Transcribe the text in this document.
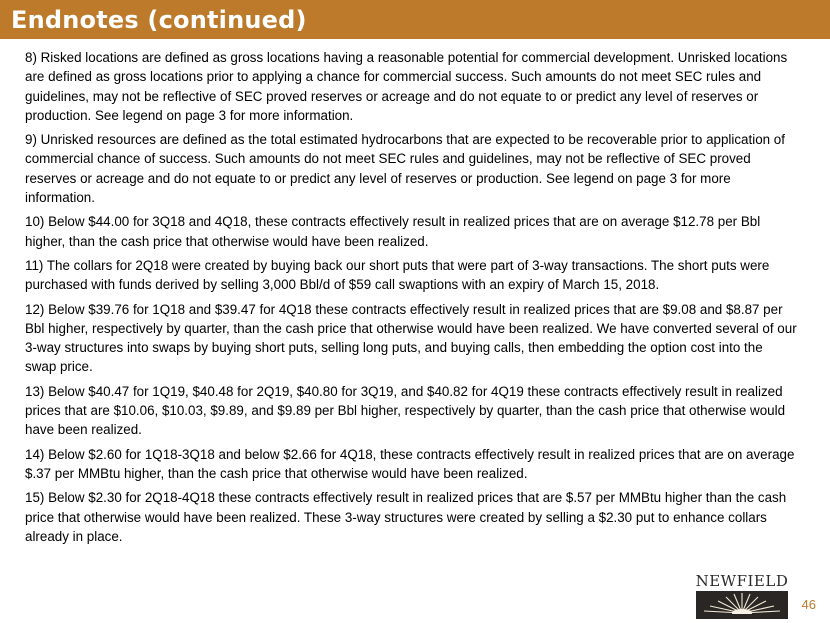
Endnotes (continued)

8) Risked locations are defined as gross locations having a reasonable potential for commercial development. Unrisked locations are defined as gross locations prior to applying a chance for commercial success. Such amounts do not meet SEC rules and guidelines, may not be reflective of SEC proved reserves or acreage and do not equate to or predict any level of reserves or production. See legend on page 3 for more information.

9) Unrisked resources are defined as the total estimated hydrocarbons that are expected to be recoverable prior to application of commercial chance of success. Such amounts do not meet SEC rules and guidelines, may not be reflective of SEC proved reserves or acreage and do not equate to or predict any level of reserves or production. See legend on page 3 for more information.

10) Below $44.00 for 3Q18 and 4Q18, these contracts effectively result in realized prices that are on average $12.78 per Bbl higher, than the cash price that otherwise would have been realized.

11) The collars for 2Q18 were created by buying back our short puts that were part of 3-way transactions. The short puts were purchased with funds derived by selling 3,000 Bbl/d of $59 call swaptions with an expiry of March 15, 2018.

12) Below $39.76 for 1Q18 and $39.47 for 4Q18 these contracts effectively result in realized prices that are $9.08 and $8.87 per Bbl higher, respectively by quarter, than the cash price that otherwise would have been realized. We have converted several of our 3-way structures into swaps by buying short puts, selling long puts, and buying calls, then embedding the option cost into the swap price.

13) Below $40.47 for 1Q19, $40.48 for 2Q19, $40.80 for 3Q19, and $40.82 for 4Q19 these contracts effectively result in realized prices that are $10.06, $10.03, $9.89, and $9.89 per Bbl higher, respectively by quarter, than the cash price that otherwise would have been realized.

14) Below $2.60 for 1Q18-3Q18 and below $2.66 for 4Q18, these contracts effectively result in realized prices that are on average $.37 per MMBtu higher, than the cash price that otherwise would have been realized.

15) Below $2.30 for 2Q18-4Q18 these contracts effectively result in realized prices that are $.57 per MMBtu higher than the cash price that otherwise would have been realized. These 3-way structures were created by selling a $2.30 put to enhance collars already in place.

NEWFIELD
46
